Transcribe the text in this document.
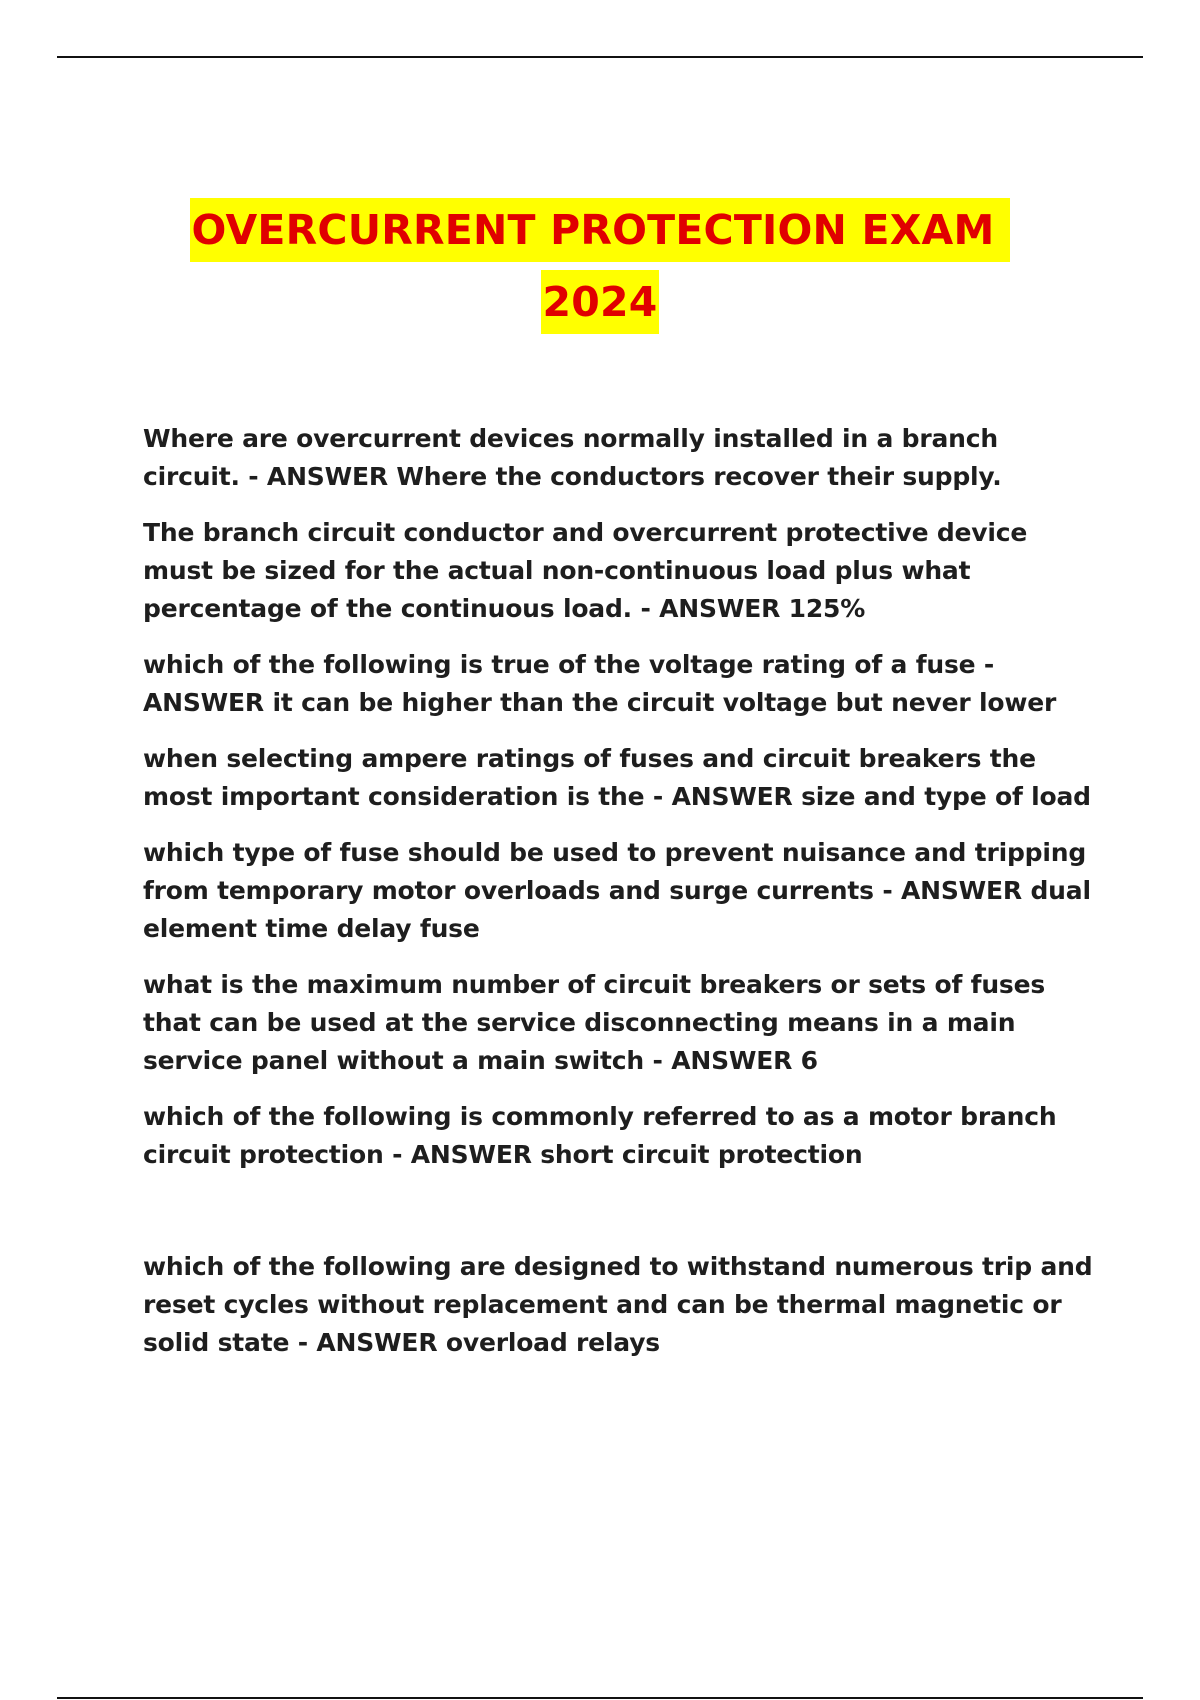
OVERCURRENT PROTECTION EXAM
2024
Where are overcurrent devices normally installed in a branch circuit. - ANSWER Where the conductors recover their supply.
The branch circuit conductor and overcurrent protective device must be sized for the actual non-continuous load plus what percentage of the continuous load. - ANSWER 125%
which of the following is true of the voltage rating of a fuse - ANSWER it can be higher than the circuit voltage but never lower
when selecting ampere ratings of fuses and circuit breakers the most important consideration is the - ANSWER size and type of load
which type of fuse should be used to prevent nuisance and tripping from temporary motor overloads and surge currents - ANSWER dual element time delay fuse
what is the maximum number of circuit breakers or sets of fuses that can be used at the service disconnecting means in a main service panel without a main switch - ANSWER 6
which of the following is commonly referred to as a motor branch circuit protection - ANSWER short circuit protection
which of the following are designed to withstand numerous trip and reset cycles without replacement and can be thermal magnetic or solid state - ANSWER overload relays
